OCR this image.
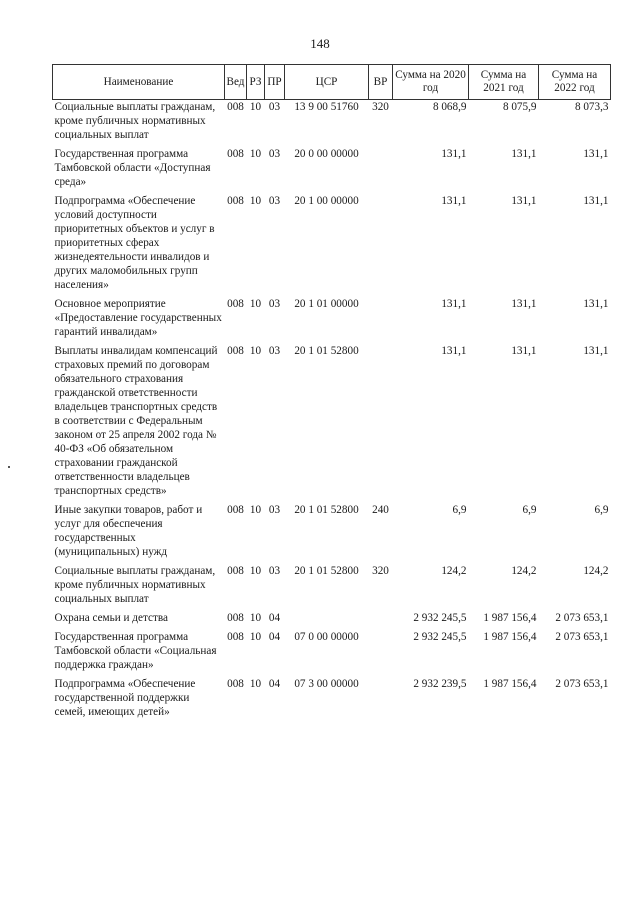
148
Наименование	Вед	РЗ	ПР	ЦСР	ВР	Сумма на 2020 год	Сумма на 2021 год	Сумма на 2022 год
Социальные выплаты гражданам, кроме публичных нормативных социальных выплат	008	10	03	13 9 00 51760	320	8 068,9	8 075,9	8 073,3
Государственная программа Тамбовской области «Доступная среда»	008	10	03	20 0 00 00000		131,1	131,1	131,1
Подпрограмма «Обеспечение условий доступности приоритетных объектов и услуг в приоритетных сферах жизнедеятельности инвалидов и других маломобильных групп населения»	008	10	03	20 1 00 00000		131,1	131,1	131,1
Основное мероприятие «Предоставление государственных гарантий инвалидам»	008	10	03	20 1 01 00000		131,1	131,1	131,1
Выплаты инвалидам компенсаций страховых премий по договорам обязательного страхования гражданской ответственности владельцев транспортных средств в соответствии с Федеральным законом от 25 апреля 2002 года № 40-ФЗ «Об обязательном страховании гражданской ответственности владельцев транспортных средств»	008	10	03	20 1 01 52800		131,1	131,1	131,1
Иные закупки товаров, работ и услуг для обеспечения государственных (муниципальных) нужд	008	10	03	20 1 01 52800	240	6,9	6,9	6,9
Социальные выплаты гражданам, кроме публичных нормативных социальных выплат	008	10	03	20 1 01 52800	320	124,2	124,2	124,2
Охрана семьи и детства	008	10	04			2 932 245,5	1 987 156,4	2 073 653,1
Государственная программа Тамбовской области «Социальная поддержка граждан»	008	10	04	07 0 00 00000		2 932 245,5	1 987 156,4	2 073 653,1
Подпрограмма «Обеспечение государственной поддержки семей, имеющих детей»	008	10	04	07 3 00 00000		2 932 239,5	1 987 156,4	2 073 653,1
